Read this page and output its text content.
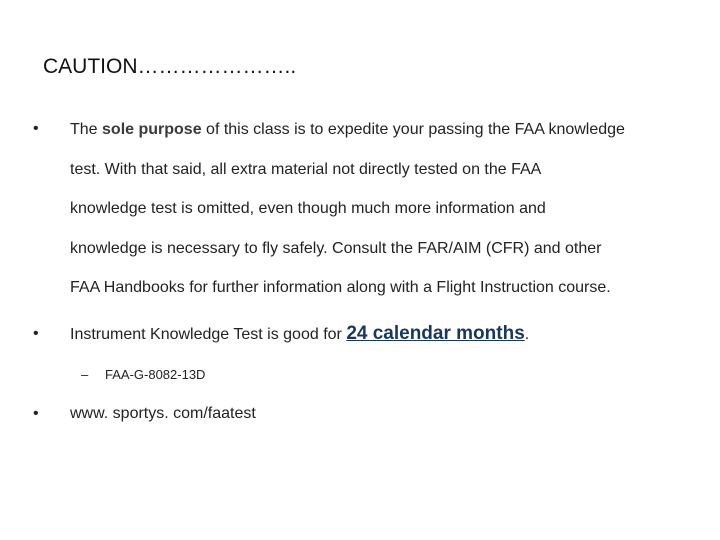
CAUTION…………………..
• The sole purpose of this class is to expedite your passing the FAA knowledge
test. With that said, all extra material not directly tested on the FAA
knowledge test is omitted, even though much more information and
knowledge is necessary to fly safely. Consult the FAR/AIM (CFR) and other
FAA Handbooks for further information along with a Flight Instruction course.
• Instrument Knowledge Test is good for 24 calendar months.
– FAA-G-8082-13D
• www. sportys. com/faatest
